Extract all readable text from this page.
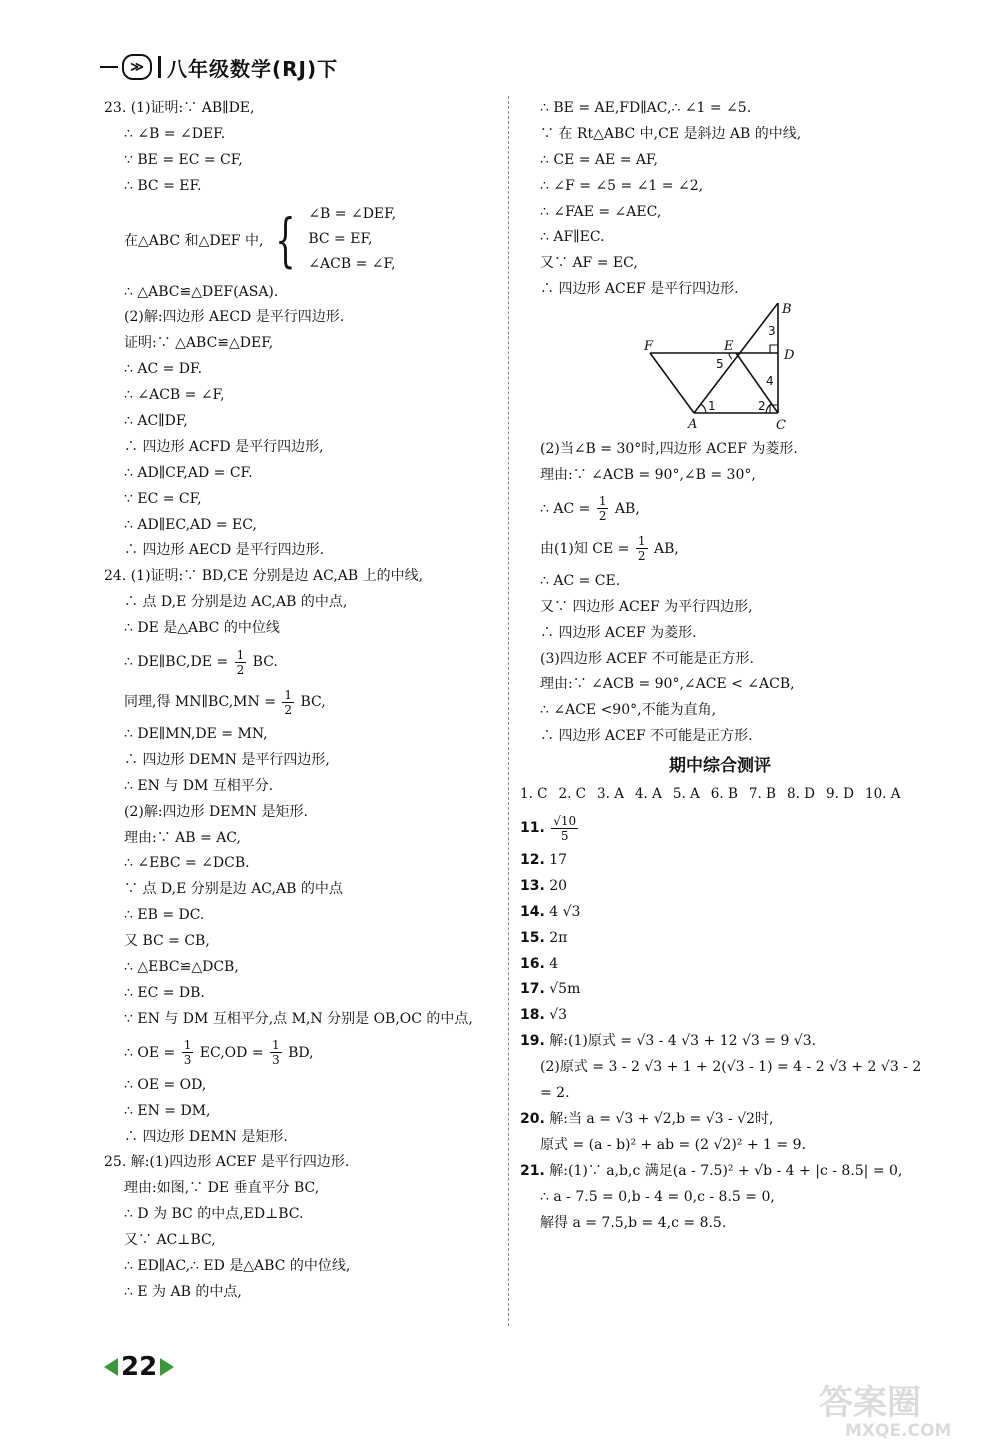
≫	八年级数学(RJ)下
23. (1)证明:∵ AB∥DE,
∴ ∠B = ∠DEF.
∵ BE = EC = CF,
∴ BC = EF.
在△ABC 和△DEF 中, { ∠B = ∠DEF,
BC = EF,
∠ACB = ∠F,
∴ △ABC≌△DEF(ASA).
(2)解:四边形 AECD 是平行四边形.
证明:∵ △ABC≌△DEF,
∴ AC = DF.
∴ ∠ACB = ∠F,
∴ AC∥DF,
∴ 四边形 ACFD 是平行四边形,
∴ AD∥CF,AD = CF.
∵ EC = CF,
∴ AD∥EC,AD = EC,
∴ 四边形 AECD 是平行四边形.
24. (1)证明:∵ BD,CE 分别是边 AC,AB 上的中线,
∴ 点 D,E 分别是边 AC,AB 的中点,
∴ DE 是△ABC 的中位线
∴ DE∥BC,DE = $\frac{1}{2}$ BC.
同理,得 MN∥BC,MN = $\frac{1}{2}$ BC,
∴ DE∥MN,DE = MN,
∴ 四边形 DEMN 是平行四边形,
∴ EN 与 DM 互相平分.
(2)解:四边形 DEMN 是矩形.
理由:∵ AB = AC,
∴ ∠EBC = ∠DCB.
∵ 点 D,E 分别是边 AC,AB 的中点
∴ EB = DC.
又 BC = CB,
∴ △EBC≌△DCB,
∴ EC = DB.
∵ EN 与 DM 互相平分,点 M,N 分别是 OB,OC 的中点,
∴ OE = $\frac{1}{3} EC,OD = \frac{1}{3}$ BD,
∴ OE = OD,
∴ EN = DM,
∴ 四边形 DEMN 是矩形.
25. 解:(1)四边形 ACEF 是平行四边形.
理由:如图,∵ DE 垂直平分 BC,
∴ D 为 BC 的中点,ED⊥BC.
又∵ AC⊥BC,
∴ ED∥AC,∴ ED 是△ABC 的中位线,
∴ E 为 AB 的中点,
∴ BE = AE,FD∥AC,∴ ∠1 = ∠5.
∵ 在 Rt△ABC 中,CE 是斜边 AB 的中线,
∴ CE = AE = AF,
∴ ∠F = ∠5 = ∠1 = ∠2,
∴ ∠FAE = ∠AEC,
∴ AF∥EC.
又∵ AF = EC,
∴ 四边形 ACEF 是平行四边形.
A
B
C
D
E
F
1	2
3
4
5
(2)当∠B = 30°时,四边形 ACEF 为菱形.
理由:∵ ∠ACB = 90°,∠B = 30°,
∴ AC = $\frac{1}{2}$ AB,
由(1)知 CE = $\frac{1}{2}$ AB,
∴ AC = CE.
又∵ 四边形 ACEF 为平行四边形,
∴ 四边形 ACEF 为菱形.
(3)四边形 ACEF 不可能是正方形.
理由:∵ ∠ACB = 90°,∠ACE < ∠ACB,
∴ ∠ACE <90°,不能为直角,
∴ 四边形 ACEF 不可能是正方形.
期中综合测评
1. C 2. C 3. A 4. A 5. A 6. B 7. B 8. D 9. D 10. A
11. $\frac{√10}{5}$
12. 17
13. 20
14. 4 √3
15. 2π
16. 4
17. √5m
18. √3
19. 解:(1)原式 = √3 - 4 √3 + 12 √3 = 9 √3.
(2)原式 = 3 - 2 √3 + 1 + 2(√3 - 1) = 4 - 2 √3 + 2 √3 - 2
= 2.
20. 解:当 a = √3 + √2,b = √3 - √2时,
原式 = (a - b)² + ab = (2 √2)² + 1 = 9.
21. 解:(1)∵ a,b,c 满足(a - 7.5)² + √b - 4 + |c - 8.5| = 0,
∴ a - 7.5 = 0,b - 4 = 0,c - 8.5 = 0,
解得 a = 7.5,b = 4,c = 8.5.
22
答案圈
MXQE.COM
